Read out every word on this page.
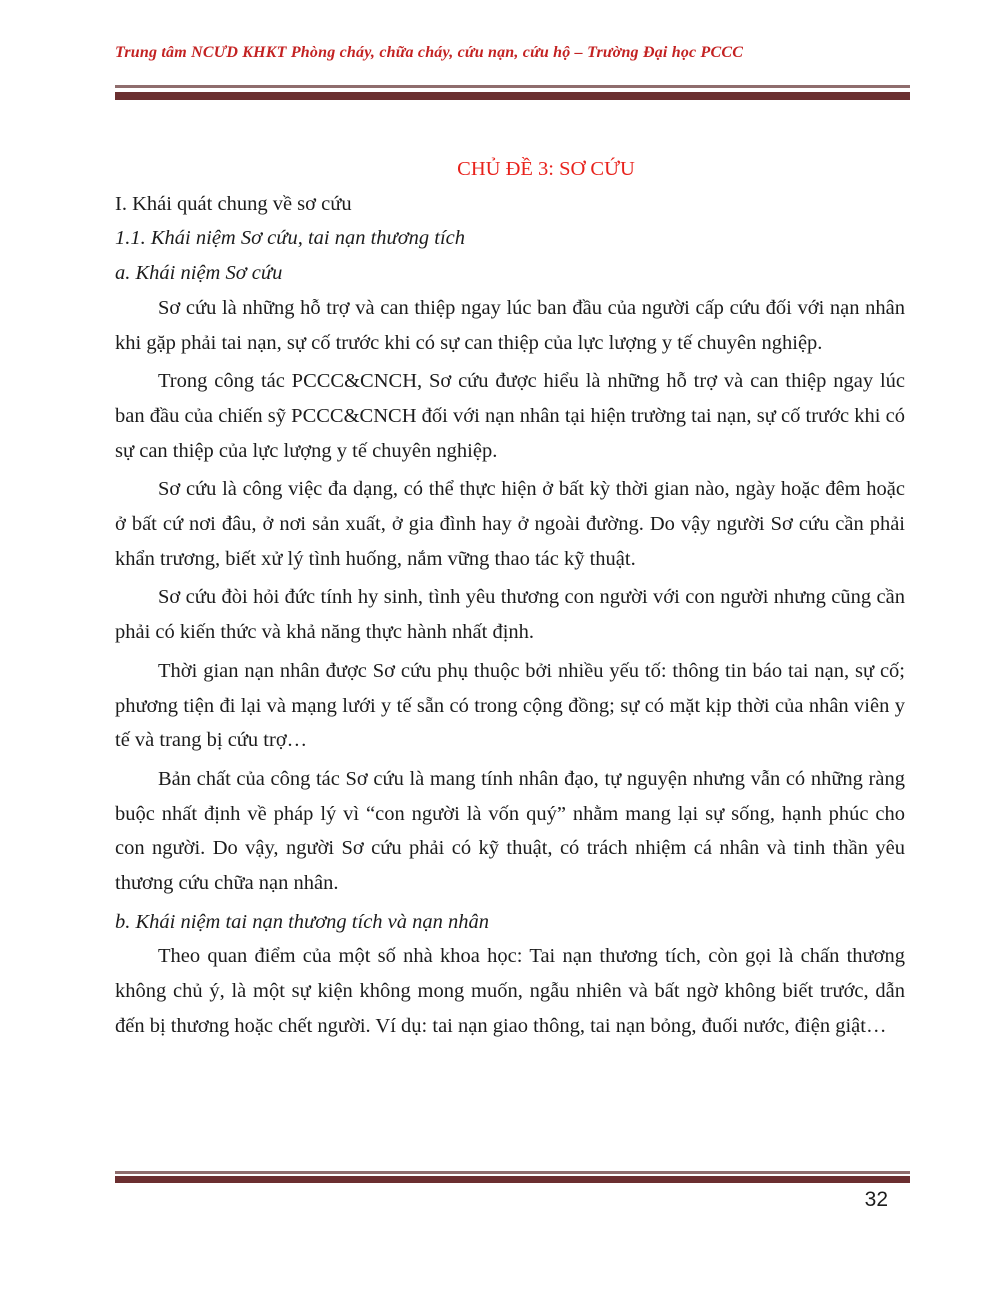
Trung tâm NCƯD KHKT Phòng cháy, chữa cháy, cứu nạn, cứu hộ – Trường Đại học PCCC
CHỦ ĐỀ 3: SƠ CỨU
I. Khái quát chung về sơ cứu
1.1. Khái niệm Sơ cứu, tai nạn thương tích
a. Khái niệm Sơ cứu

Sơ cứu là những hỗ trợ và can thiệp ngay lúc ban đầu của người cấp cứu đối với nạn nhân khi gặp phải tai nạn, sự cố trước khi có sự can thiệp của lực lượng y tế chuyên nghiệp.

Trong công tác PCCC&CNCH, Sơ cứu được hiểu là những hỗ trợ và can thiệp ngay lúc ban đầu của chiến sỹ PCCC&CNCH đối với nạn nhân tại hiện trường tai nạn, sự cố trước khi có sự can thiệp của lực lượng y tế chuyên nghiệp.

Sơ cứu là công việc đa dạng, có thể thực hiện ở bất kỳ thời gian nào, ngày hoặc đêm hoặc ở bất cứ nơi đâu, ở nơi sản xuất, ở gia đình hay ở ngoài đường. Do vậy người Sơ cứu cần phải khẩn trương, biết xử lý tình huống, nắm vững thao tác kỹ thuật.

Sơ cứu đòi hỏi đức tính hy sinh, tình yêu thương con người với con người nhưng cũng cần phải có kiến thức và khả năng thực hành nhất định.

Thời gian nạn nhân được Sơ cứu phụ thuộc bởi nhiều yếu tố: thông tin báo tai nạn, sự cố; phương tiện đi lại và mạng lưới y tế sẵn có trong cộng đồng; sự có mặt kịp thời của nhân viên y tế và trang bị cứu trợ…

Bản chất của công tác Sơ cứu là mang tính nhân đạo, tự nguyện nhưng vẫn có những ràng buộc nhất định về pháp lý vì “con người là vốn quý” nhằm mang lại sự sống, hạnh phúc cho con người. Do vậy, người Sơ cứu phải có kỹ thuật, có trách nhiệm cá nhân và tinh thần yêu thương cứu chữa nạn nhân.

b. Khái niệm tai nạn thương tích và nạn nhân

Theo quan điểm của một số nhà khoa học: Tai nạn thương tích, còn gọi là chấn thương không chủ ý, là một sự kiện không mong muốn, ngẫu nhiên và bất ngờ không biết trước, dẫn đến bị thương hoặc chết người. Ví dụ: tai nạn giao thông, tai nạn bỏng, đuối nước, điện giật…

32
